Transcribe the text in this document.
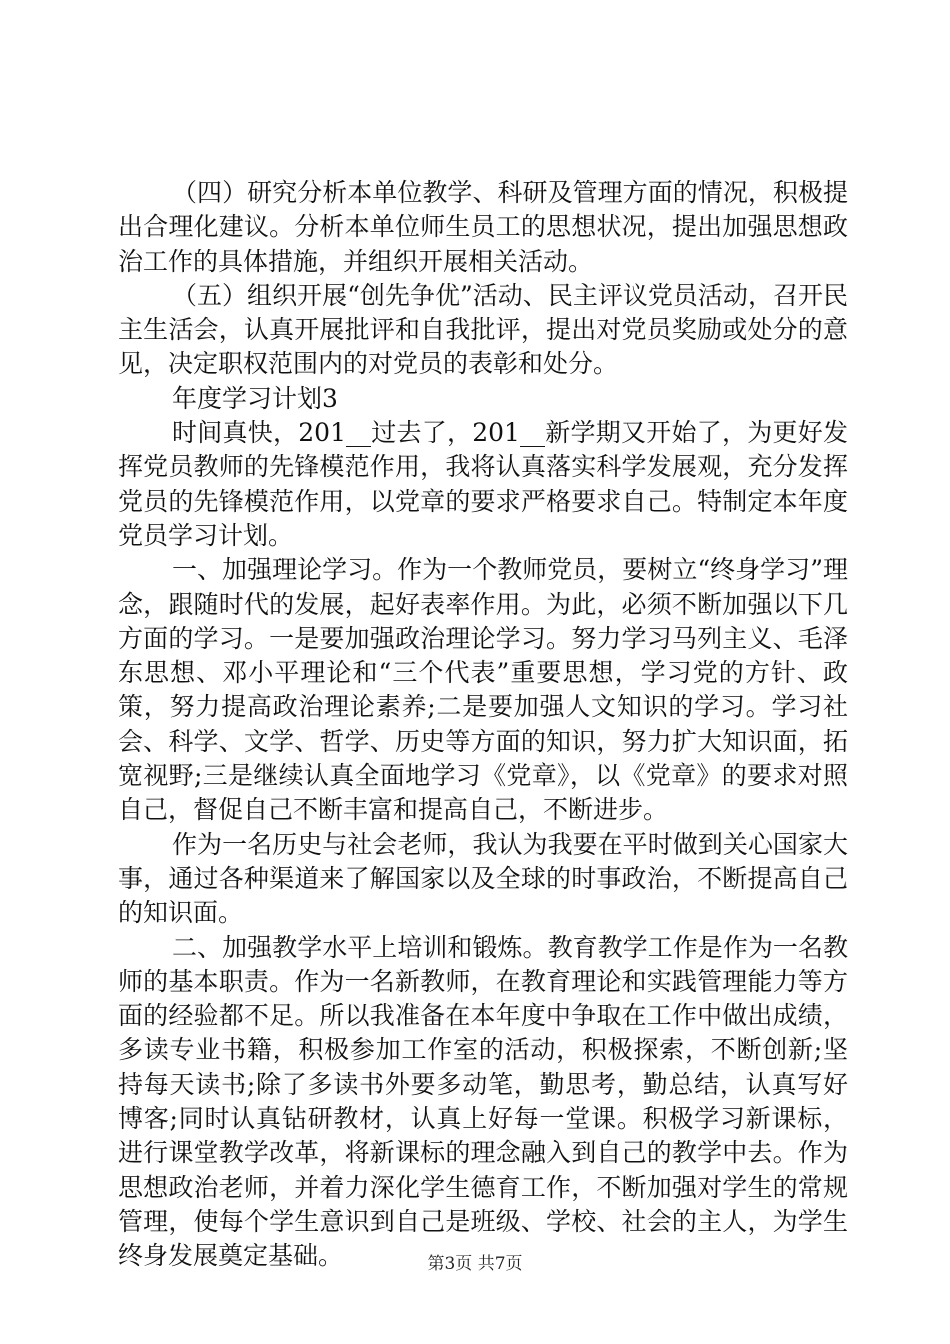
（四）研究分析本单位教学、科研及管理方面的情况，积极提出合理化建议。分析本单位师生员工的思想状况，提出加强思想政治工作的具体措施，并组织开展相关活动。

（五）组织开展“创先争优”活动、民主评议党员活动，召开民主生活会，认真开展批评和自我批评，提出对党员奖励或处分的意见，决定职权范围内的对党员的表彰和处分。

年度学习计划3

时间真快，201__过去了，201__新学期又开始了，为更好发挥党员教师的先锋模范作用，我将认真落实科学发展观，充分发挥党员的先锋模范作用，以党章的要求严格要求自己。特制定本年度党员学习计划。

一、加强理论学习。作为一个教师党员，要树立“终身学习”理念，跟随时代的发展，起好表率作用。为此，必须不断加强以下几方面的学习。一是要加强政治理论学习。努力学习马列主义、毛泽东思想、邓小平理论和“三个代表”重要思想，学习党的方针、政策，努力提高政治理论素养;二是要加强人文知识的学习。学习社会、科学、文学、哲学、历史等方面的知识，努力扩大知识面，拓宽视野;三是继续认真全面地学习《党章》，以《党章》的要求对照自己，督促自己不断丰富和提高自己，不断进步。

作为一名历史与社会老师，我认为我要在平时做到关心国家大事，通过各种渠道来了解国家以及全球的时事政治，不断提高自己的知识面。

二、加强教学水平上培训和锻炼。教育教学工作是作为一名教师的基本职责。作为一名新教师，在教育理论和实践管理能力等方面的经验都不足。所以我准备在本年度中争取在工作中做出成绩，多读专业书籍，积极参加工作室的活动，积极探索，不断创新;坚持每天读书;除了多读书外要多动笔，勤思考，勤总结，认真写好博客;同时认真钻研教材，认真上好每一堂课。积极学习新课标，进行课堂教学改革，将新课标的理念融入到自己的教学中去。作为思想政治老师，并着力深化学生德育工作，不断加强对学生的常规管理，使每个学生意识到自己是班级、学校、社会的主人，为学生终身发展奠定基础。	第3页 共7页
